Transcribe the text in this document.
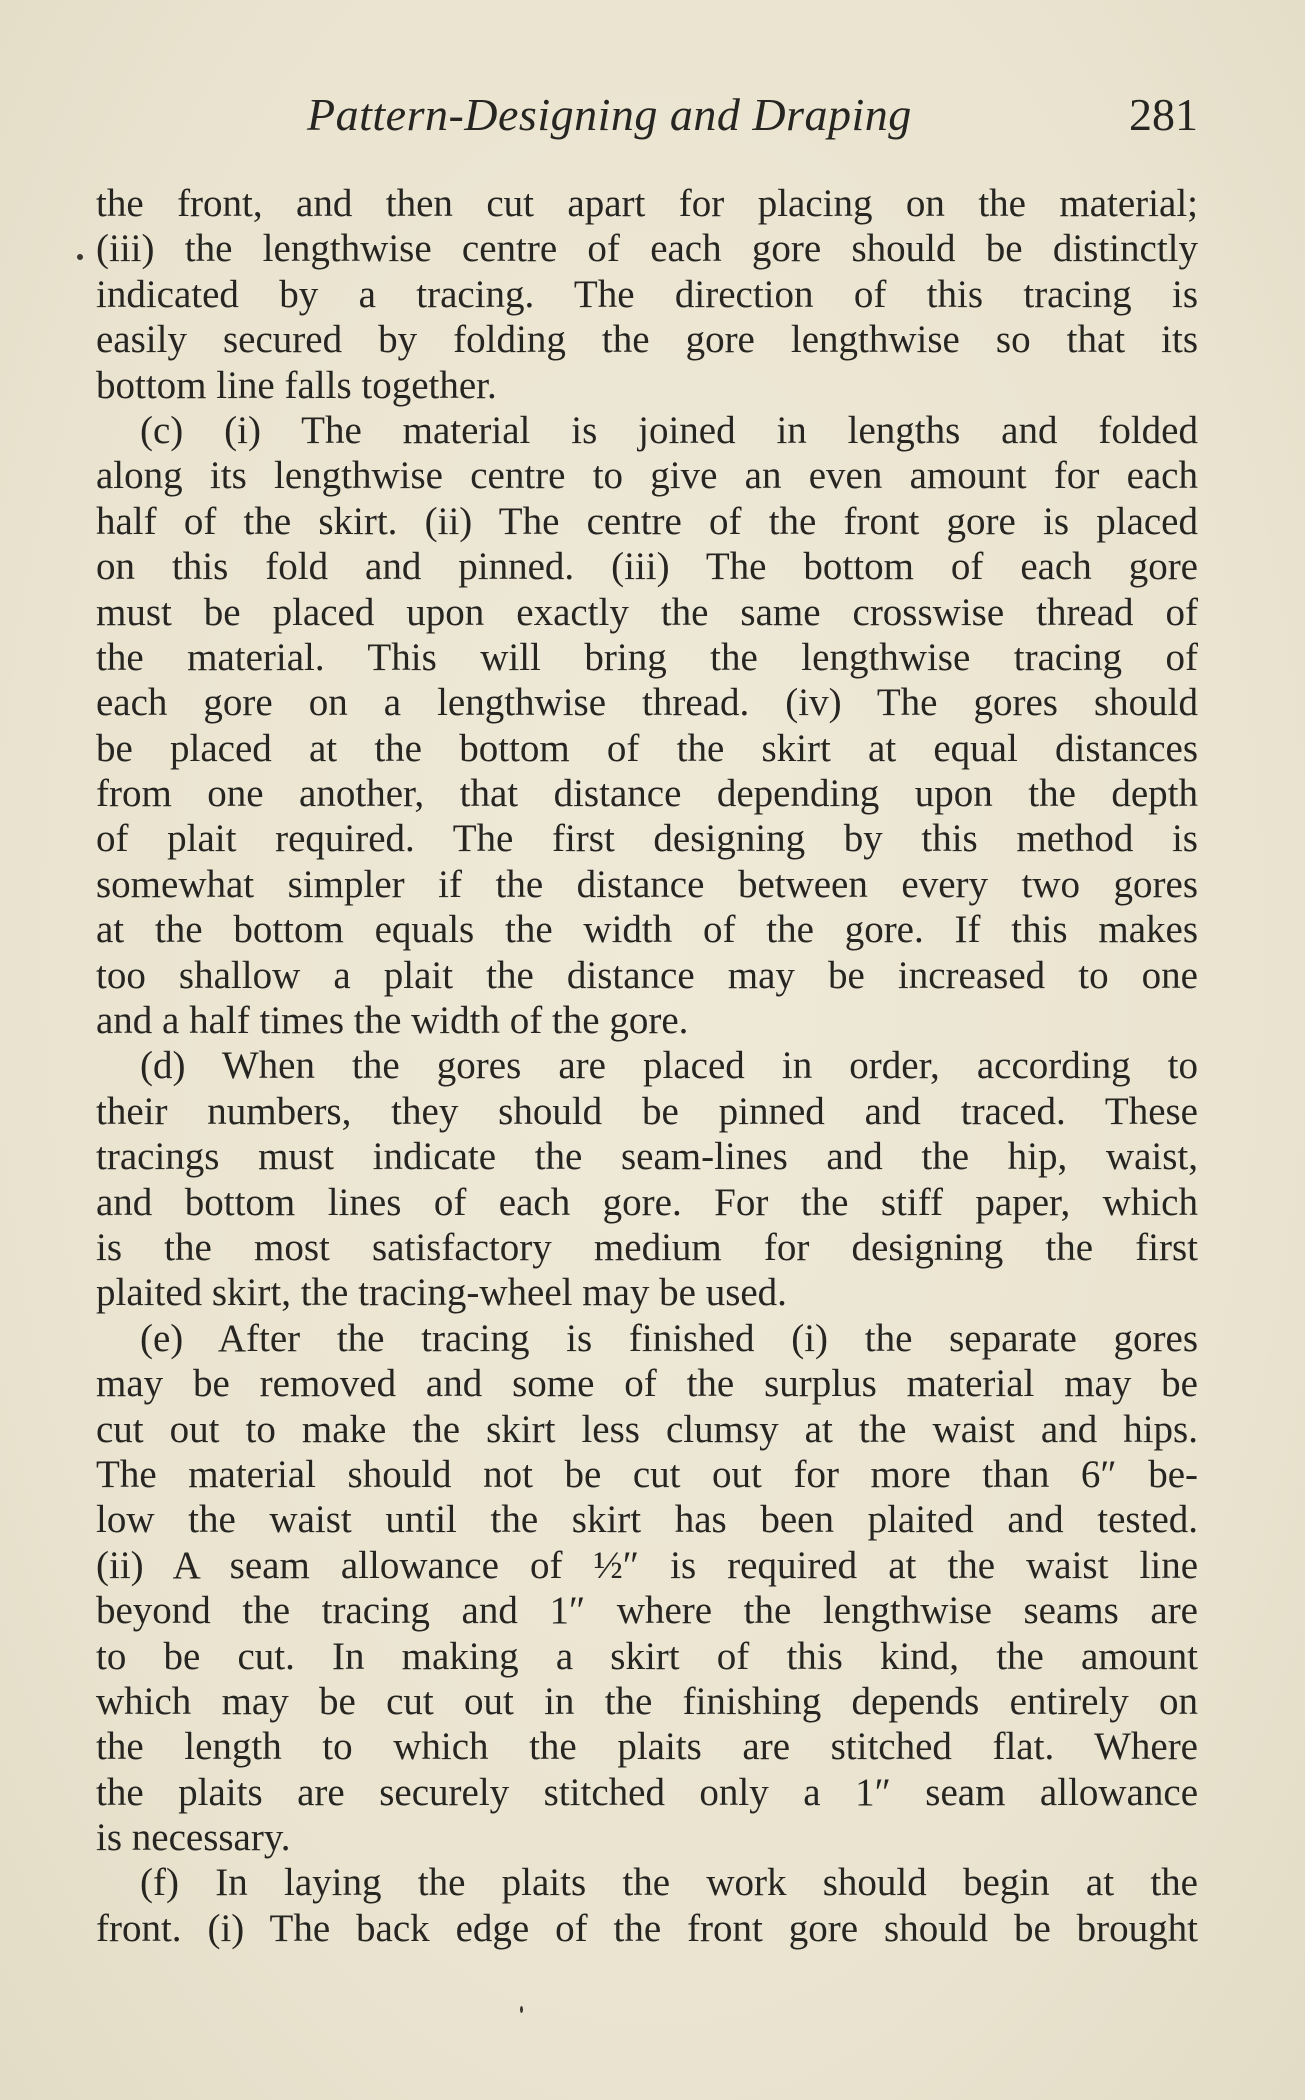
Pattern-Designing and Draping	281
the front, and then cut apart for placing on the material;
(iii) the lengthwise centre of each gore should be distinctly
indicated by a tracing. The direction of this tracing is
easily secured by folding the gore lengthwise so that its
bottom line falls together.
(c) (i) The material is joined in lengths and folded
along its lengthwise centre to give an even amount for each
half of the skirt. (ii) The centre of the front gore is placed
on this fold and pinned. (iii) The bottom of each gore
must be placed upon exactly the same crosswise thread of
the material. This will bring the lengthwise tracing of
each gore on a lengthwise thread. (iv) The gores should
be placed at the bottom of the skirt at equal distances
from one another, that distance depending upon the depth
of plait required. The first designing by this method is
somewhat simpler if the distance between every two gores
at the bottom equals the width of the gore. If this makes
too shallow a plait the distance may be increased to one
and a half times the width of the gore.
(d) When the gores are placed in order, according to
their numbers, they should be pinned and traced. These
tracings must indicate the seam-lines and the hip, waist,
and bottom lines of each gore. For the stiff paper, which
is the most satisfactory medium for designing the first
plaited skirt, the tracing-wheel may be used.
(e) After the tracing is finished (i) the separate gores
may be removed and some of the surplus material may be
cut out to make the skirt less clumsy at the waist and hips.
The material should not be cut out for more than 6″ be-
low the waist until the skirt has been plaited and tested.
(ii) A seam allowance of ½″ is required at the waist line
beyond the tracing and 1″ where the lengthwise seams are
to be cut. In making a skirt of this kind, the amount
which may be cut out in the finishing depends entirely on
the length to which the plaits are stitched flat. Where
the plaits are securely stitched only a 1″ seam allowance
is necessary.
(f) In laying the plaits the work should begin at the
front. (i) The back edge of the front gore should be brought
